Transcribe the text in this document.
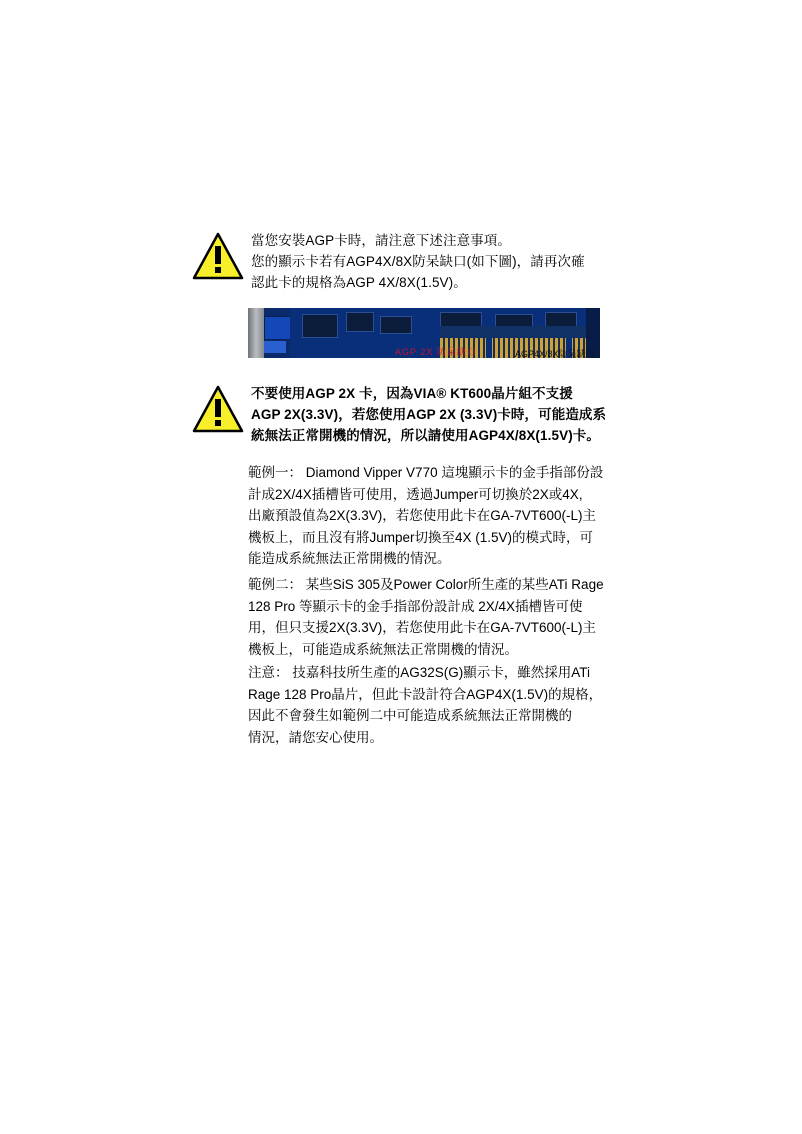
當您安裝AGP卡時，請注意下述注意事項。

您的顯示卡若有AGP4X/8X防呆缺口(如下圖)，請再次確

認此卡的規格為AGP 4X/8X(1.5V)。

AGP 2X 防呆缺口	AGP4X/8X防呆缺口

不要使用AGP 2X 卡，因為VIA® KT600晶片組不支援

AGP 2X(3.3V)，若您使用AGP 2X (3.3V)卡時，可能造成系

統無法正常開機的情況，所以請使用AGP4X/8X(1.5V)卡。

範例一： Diamond Vipper V770 這塊顯示卡的金手指部份設

計成2X/4X插槽皆可使用，透過Jumper可切換於2X或4X,

出廠預設值為2X(3.3V)，若您使用此卡在GA-7VT600(-L)主

機板上，而且沒有將Jumper切換至4X (1.5V)的模式時，可

能造成系統無法正常開機的情況。

範例二： 某些SiS 305及Power Color所生產的某些ATi Rage

128 Pro 等顯示卡的金手指部份設計成 2X/4X插槽皆可使

用，但只支援2X(3.3V)，若您使用此卡在GA-7VT600(-L)主

機板上，可能造成系統無法正常開機的情況。

注意： 技嘉科技所生產的AG32S(G)顯示卡，雖然採用ATi

Rage 128 Pro晶片，但此卡設計符合AGP4X(1.5V)的規格，

因此不會發生如範例二中可能造成系統無法正常開機的

情況，請您安心使用。
